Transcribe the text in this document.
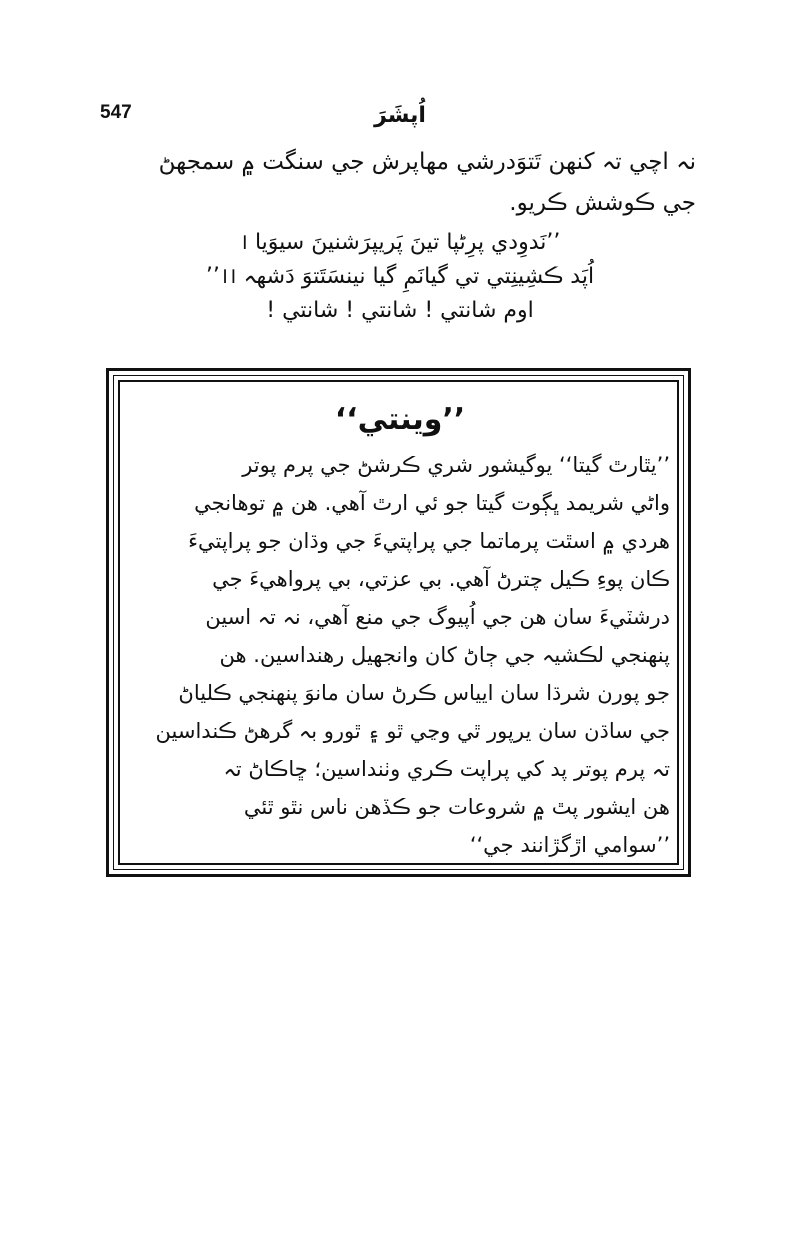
547	اُپشَرَ
نہ اچي تہ کنهن تَتوَدرشي مهاپرش جي سنگت ۾ سمجهڻ
جي ڪوشش ڪريو.
’’نَدوِدي پرِڻپا تينَ پَريپرَشنينَ سيوَيا ।
اُپَد ڪشِينِتي تي گيانَمِ گيا نينسَتَتوَ دَشهہ ।।’’
اوم شانتي ! شانتي ! شانتي !
’’وينتي‘‘
’’يٿارٿ گيتا‘‘ يوگيشور شري ڪرشڻ جي پرم پوتر
واڻي شريمد ڀڳوت گيتا جو ئي ارٿ آهي. هن ۾ توهانجي
هردي ۾ اسٿت پرماتما جي پراپتيءَ جي وڌان جو پراپتيءَ
ڪان پوءِ ڪيل چترڻ آهي. بي عزتي، بي پرواهيءَ جي
درشٽيءَ سان هن جي اُپيوگ جي منع آهي، نہ تہ اسين
پنهنجي لڪشيہ جي ڄاڻ کان وانجهيل رهنداسين. هن
جو پورن شرڌا سان ايياس ڪرڻ سان مانوَ پنهنجي ڪلياڻ
جي ساڌن سان يرپور ٿي وڃي ٿو ۽ ٿورو بہ گرهڻ ڪنداسين
تہ پرم پوتر پد کي پراپت ڪري وٺنداسين؛ ڇاڪاڻ تہ
هن ايشور پٿ ۾ شروعات جو ڪڏهن ناس نٿو ٿئي
’’سوامي اڙگڙانند جي‘‘
